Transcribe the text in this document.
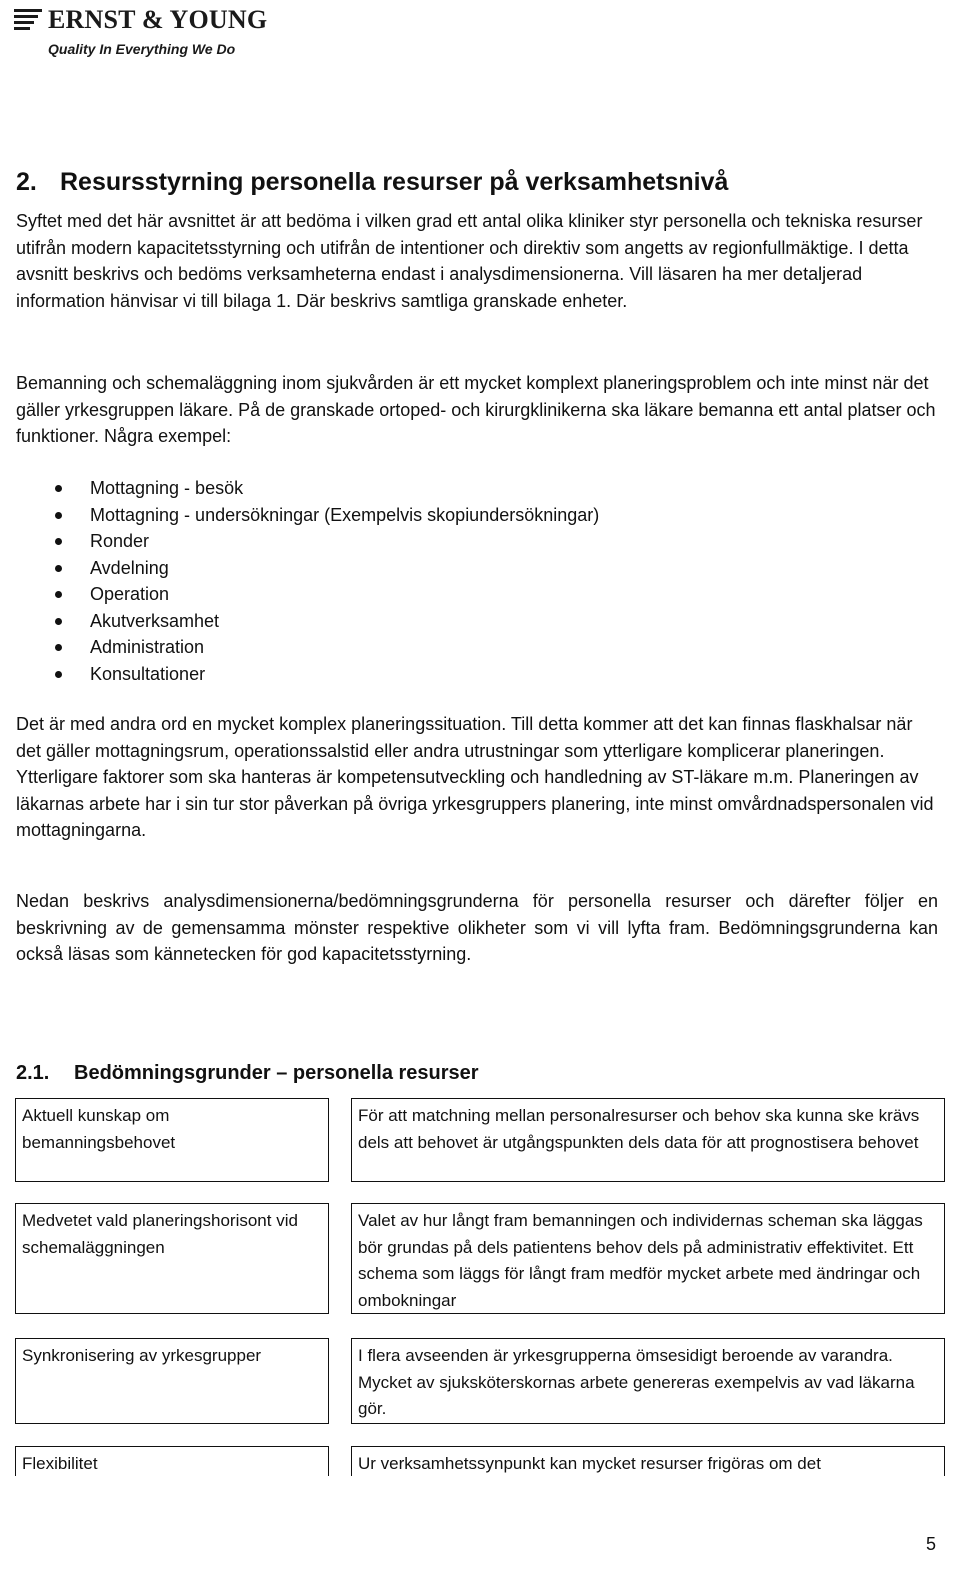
ERNST & YOUNG
Quality In Everything We Do
2. Resursstyrning personella resurser på verksamhetsnivå

Syftet med det här avsnittet är att bedöma i vilken grad ett antal olika kliniker styr personella och tekniska resurser utifrån modern kapacitetsstyrning och utifrån de intentioner och direktiv som angetts av regionfullmäktige. I detta avsnitt beskrivs och bedöms verksamheterna endast i analysdimensionerna. Vill läsaren ha mer detaljerad information hänvisar vi till bilaga 1. Där beskrivs samtliga granskade enheter.

Bemanning och schemaläggning inom sjukvården är ett mycket komplext planeringsproblem och inte minst när det gäller yrkesgruppen läkare. På de granskade ortoped- och kirurgklinikerna ska läkare bemanna ett antal platser och funktioner. Några exempel:

Mottagning - besök
Mottagning - undersökningar (Exempelvis skopiundersökningar)
Ronder
Avdelning
Operation
Akutverksamhet
Administration
Konsultationer

Det är med andra ord en mycket komplex planeringssituation. Till detta kommer att det kan finnas flaskhalsar när det gäller mottagningsrum, operationssalstid eller andra utrustningar som ytterligare komplicerar planeringen. Ytterligare faktorer som ska hanteras är kompetensutveckling och handledning av ST-läkare m.m. Planeringen av läkarnas arbete har i sin tur stor påverkan på övriga yrkesgruppers planering, inte minst omvårdnadspersonalen vid mottagningarna.

Nedan beskrivs analysdimensionerna/bedömningsgrunderna för personella resurser och därefter följer en beskrivning av de gemensamma mönster respektive olikheter som vi vill lyfta fram. Bedömningsgrunderna kan också läsas som kännetecken för god kapacitetsstyrning.

2.1. Bedömningsgrunder – personella resurser
Aktuell kunskap om bemanningsbehovet
För att matchning mellan personalresurser och behov ska kunna ske krävs dels att behovet är utgångspunkten dels data för att prognostisera behovet
Medvetet vald planeringshorisont vid schemaläggningen
Valet av hur långt fram bemanningen och individernas scheman ska läggas bör grundas på dels patientens behov dels på administrativ effektivitet. Ett schema som läggs för långt fram medför mycket arbete med ändringar och ombokningar
Synkronisering av yrkesgrupper	I flera avseenden är yrkesgrupperna ömsesidigt beroende av varandra. Mycket av sjuksköterskornas arbete genereras exempelvis av vad läkarna gör.
Flexibilitet	Ur verksamhetssynpunkt kan mycket resurser frigöras om det
5
